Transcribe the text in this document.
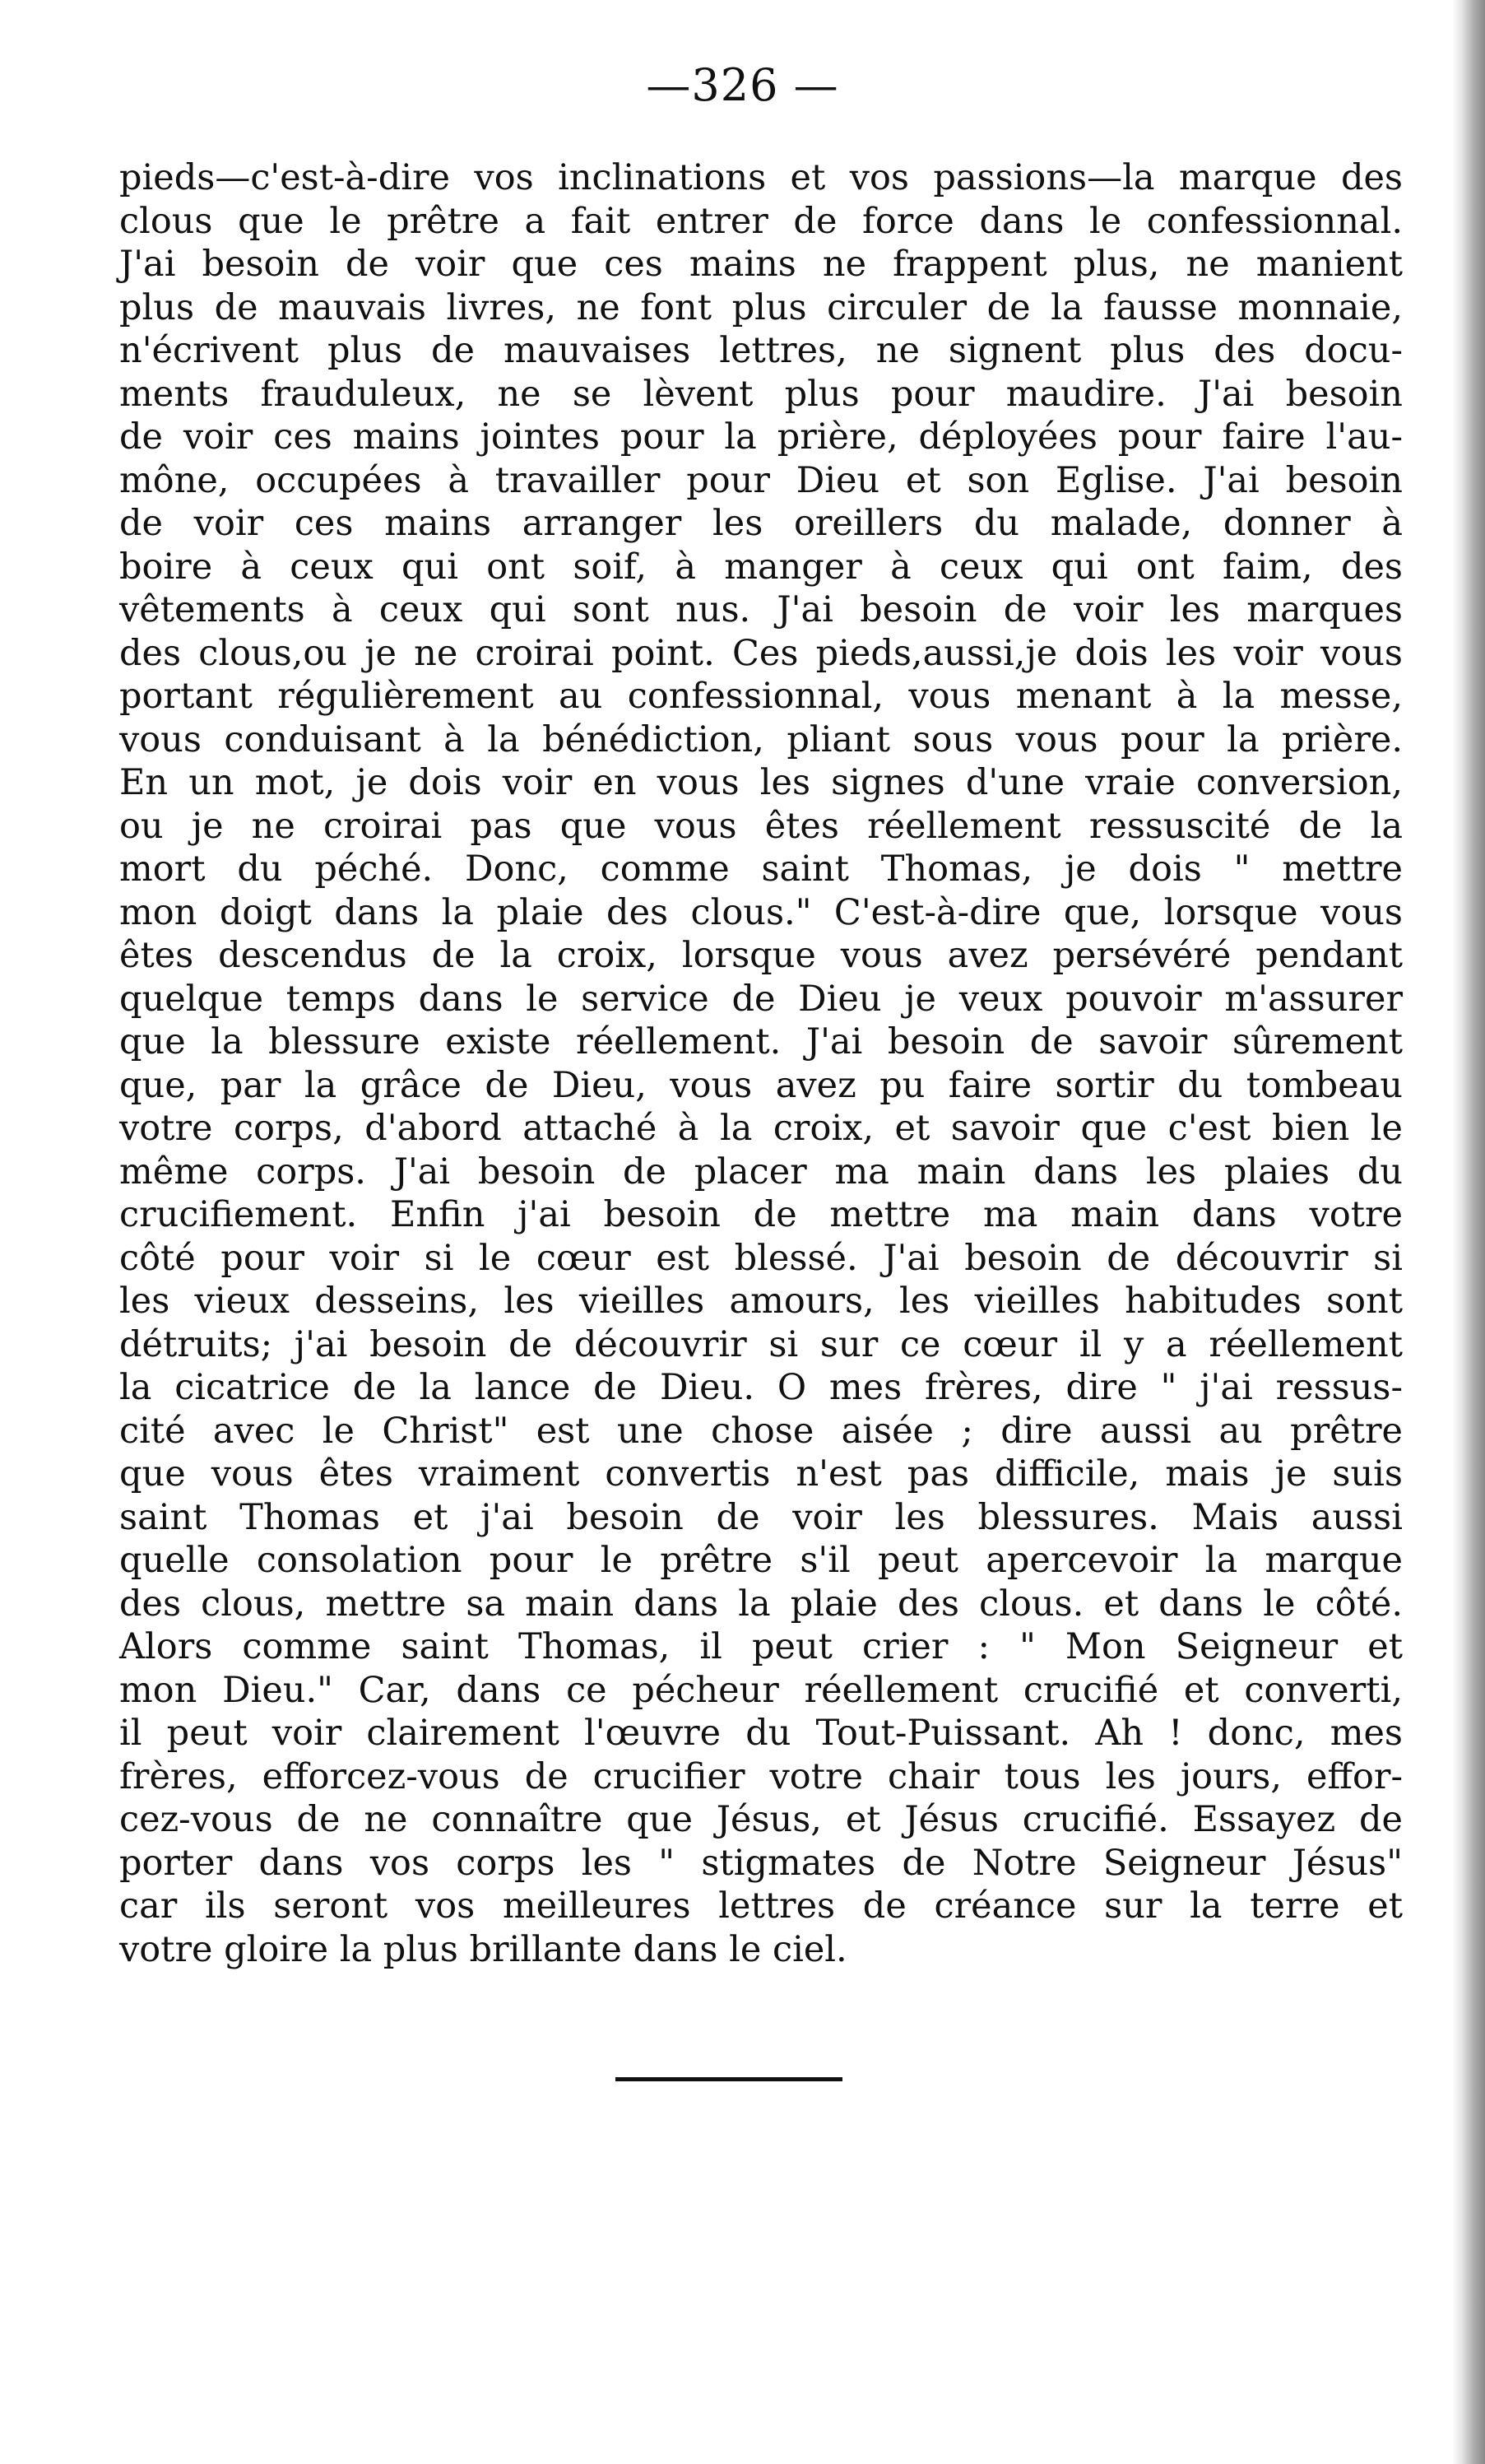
—326 —
pieds—c'est-à-dire vos inclinations et vos passions—la marque des
clous que le prêtre a fait entrer de force dans le confessionnal.
J'ai besoin de voir que ces mains ne frappent plus, ne manient
plus de mauvais livres, ne font plus circuler de la fausse monnaie,
n'écrivent plus de mauvaises lettres, ne signent plus des docu-
ments frauduleux, ne se lèvent plus pour maudire. J'ai besoin
de voir ces mains jointes pour la prière, déployées pour faire l'au-
mône, occupées à travailler pour Dieu et son Eglise. J'ai besoin
de voir ces mains arranger les oreillers du malade, donner à
boire à ceux qui ont soif, à manger à ceux qui ont faim, des
vêtements à ceux qui sont nus. J'ai besoin de voir les marques
des clous,ou je ne croirai point. Ces pieds,aussi,je dois les voir vous
portant régulièrement au confessionnal, vous menant à la messe,
vous conduisant à la bénédiction, pliant sous vous pour la prière.
En un mot, je dois voir en vous les signes d'une vraie conversion,
ou je ne croirai pas que vous êtes réellement ressuscité de la
mort du péché. Donc, comme saint Thomas, je dois " mettre
mon doigt dans la plaie des clous." C'est-à-dire que, lorsque vous
êtes descendus de la croix, lorsque vous avez persévéré pendant
quelque temps dans le service de Dieu je veux pouvoir m'assurer
que la blessure existe réellement. J'ai besoin de savoir sûrement
que, par la grâce de Dieu, vous avez pu faire sortir du tombeau
votre corps, d'abord attaché à la croix, et savoir que c'est bien le
même corps. J'ai besoin de placer ma main dans les plaies du
crucifiement. Enfin j'ai besoin de mettre ma main dans votre
côté pour voir si le cœur est blessé. J'ai besoin de découvrir si
les vieux desseins, les vieilles amours, les vieilles habitudes sont
détruits; j'ai besoin de découvrir si sur ce cœur il y a réellement
la cicatrice de la lance de Dieu. O mes frères, dire " j'ai ressus-
cité avec le Christ" est une chose aisée ; dire aussi au prêtre
que vous êtes vraiment convertis n'est pas difficile, mais je suis
saint Thomas et j'ai besoin de voir les blessures. Mais aussi
quelle consolation pour le prêtre s'il peut apercevoir la marque
des clous, mettre sa main dans la plaie des clous. et dans le côté.
Alors comme saint Thomas, il peut crier : " Mon Seigneur et
mon Dieu." Car, dans ce pécheur réellement crucifié et converti,
il peut voir clairement l'œuvre du Tout-Puissant. Ah ! donc, mes
frères, efforcez-vous de crucifier votre chair tous les jours, effor-
cez-vous de ne connaître que Jésus, et Jésus crucifié. Essayez de
porter dans vos corps les " stigmates de Notre Seigneur Jésus"
car ils seront vos meilleures lettres de créance sur la terre et
votre gloire la plus brillante dans le ciel.
